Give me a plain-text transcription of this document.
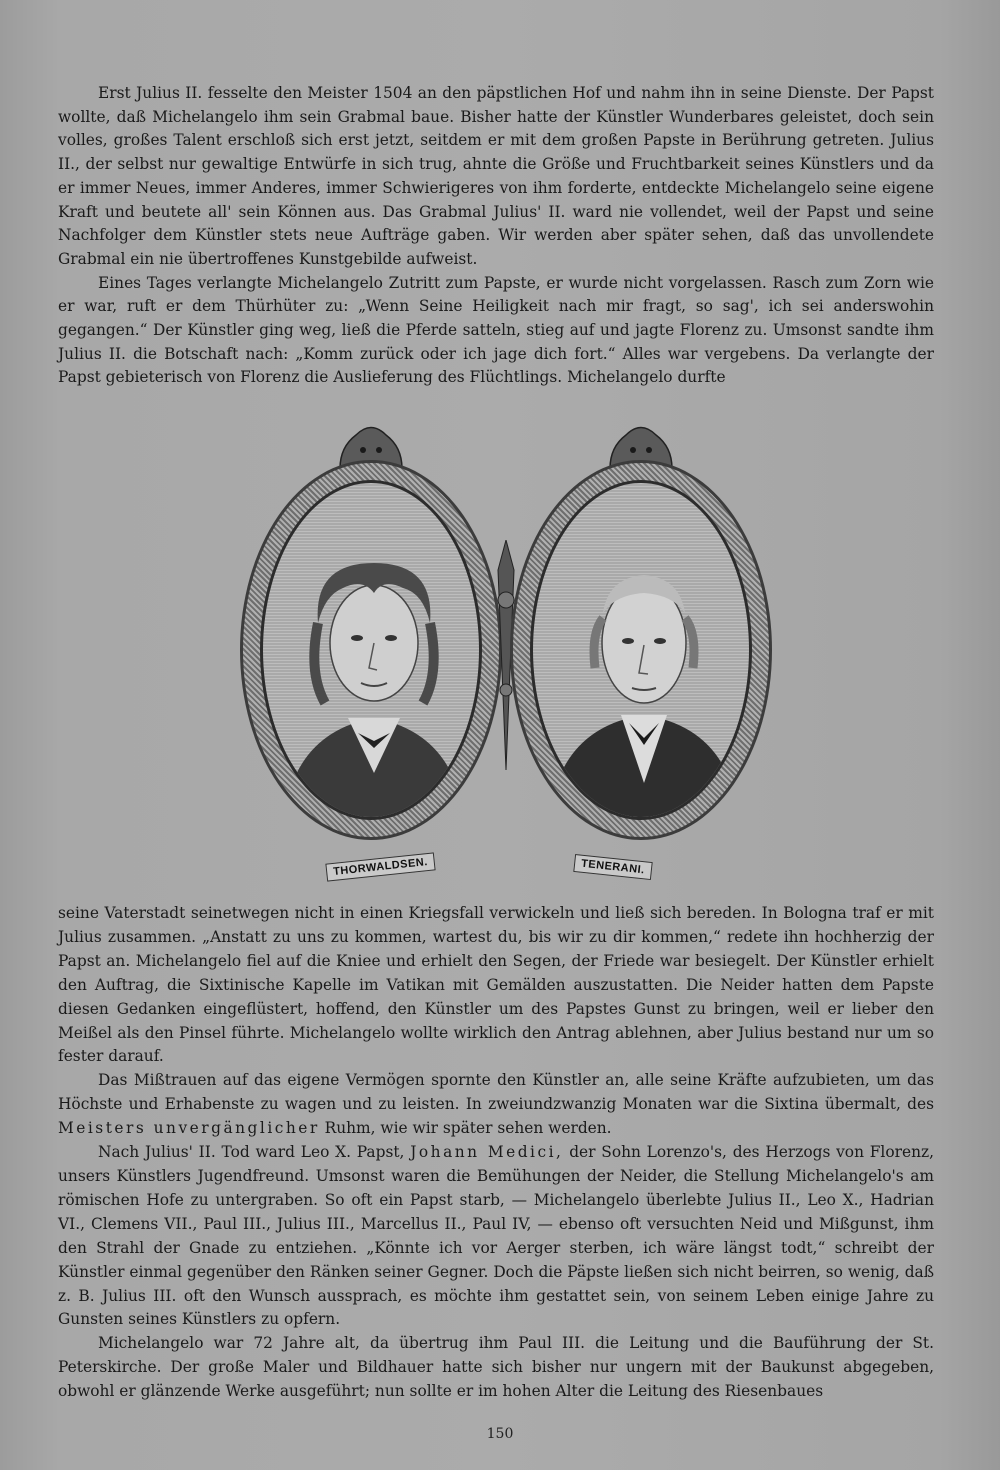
Erst Julius II. fesselte den Meister 1504 an den päpstlichen Hof und nahm ihn in seine Dienste. Der Papst wollte, daß Michelangelo ihm sein Grabmal baue. Bisher hatte der Künstler Wunderbares geleistet, doch sein volles, großes Talent erschloß sich erst jetzt, seitdem er mit dem großen Papste in Berührung getreten. Julius II., der selbst nur gewaltige Entwürfe in sich trug, ahnte die Größe und Fruchtbarkeit seines Künstlers und da er immer Neues, immer Anderes, immer Schwierigeres von ihm forderte, entdeckte Michelangelo seine eigene Kraft und beutete all' sein Können aus. Das Grabmal Julius' II. ward nie vollendet, weil der Papst und seine Nachfolger dem Künstler stets neue Aufträge gaben. Wir werden aber später sehen, daß das unvollendete Grabmal ein nie übertroffenes Kunstgebilde aufweist.

Eines Tages verlangte Michelangelo Zutritt zum Papste, er wurde nicht vorgelassen. Rasch zum Zorn wie er war, ruft er dem Thürhüter zu: „Wenn Seine Heiligkeit nach mir fragt, so sag', ich sei anderswohin gegangen.“ Der Künstler ging weg, ließ die Pferde satteln, stieg auf und jagte Florenz zu. Umsonst sandte ihm Julius II. die Botschaft nach: „Komm zurück oder ich jage dich fort.“ Alles war vergebens. Da verlangte der Papst gebieterisch von Florenz die Auslieferung des Flüchtlings. Michelangelo durfte

THORWALDSEN.	TENERANI.

seine Vaterstadt seinetwegen nicht in einen Kriegsfall verwickeln und ließ sich bereden. In Bologna traf er mit Julius zusammen. „Anstatt zu uns zu kommen, wartest du, bis wir zu dir kommen,“ redete ihn hochherzig der Papst an. Michelangelo fiel auf die Kniee und erhielt den Segen, der Friede war besiegelt. Der Künstler erhielt den Auftrag, die Sixtinische Kapelle im Vatikan mit Gemälden auszustatten. Die Neider hatten dem Papste diesen Gedanken eingeflüstert, hoffend, den Künstler um des Papstes Gunst zu bringen, weil er lieber den Meißel als den Pinsel führte. Michelangelo wollte wirklich den Antrag ablehnen, aber Julius bestand nur um so fester darauf.

Das Mißtrauen auf das eigene Vermögen spornte den Künstler an, alle seine Kräfte aufzubieten, um das Höchste und Erhabenste zu wagen und zu leisten. In zweiundzwanzig Monaten war die Sixtina übermalt, des Meisters unvergänglicher Ruhm, wie wir später sehen werden.

Nach Julius' II. Tod ward Leo X. Papst, Johann Medici, der Sohn Lorenzo's, des Herzogs von Florenz, unsers Künstlers Jugendfreund. Umsonst waren die Bemühungen der Neider, die Stellung Michelangelo's am römischen Hofe zu untergraben. So oft ein Papst starb, — Michelangelo überlebte Julius II., Leo X., Hadrian VI., Clemens VII., Paul III., Julius III., Marcellus II., Paul IV, — ebenso oft versuchten Neid und Mißgunst, ihm den Strahl der Gnade zu entziehen. „Könnte ich vor Aerger sterben, ich wäre längst todt,“ schreibt der Künstler einmal gegenüber den Ränken seiner Gegner. Doch die Päpste ließen sich nicht beirren, so wenig, daß z. B. Julius III. oft den Wunsch aussprach, es möchte ihm gestattet sein, von seinem Leben einige Jahre zu Gunsten seines Künstlers zu opfern.

Michelangelo war 72 Jahre alt, da übertrug ihm Paul III. die Leitung und die Bauführung der St. Peterskirche. Der große Maler und Bildhauer hatte sich bisher nur ungern mit der Baukunst abgegeben, obwohl er glänzende Werke ausgeführt; nun sollte er im hohen Alter die Leitung des Riesenbaues

150
